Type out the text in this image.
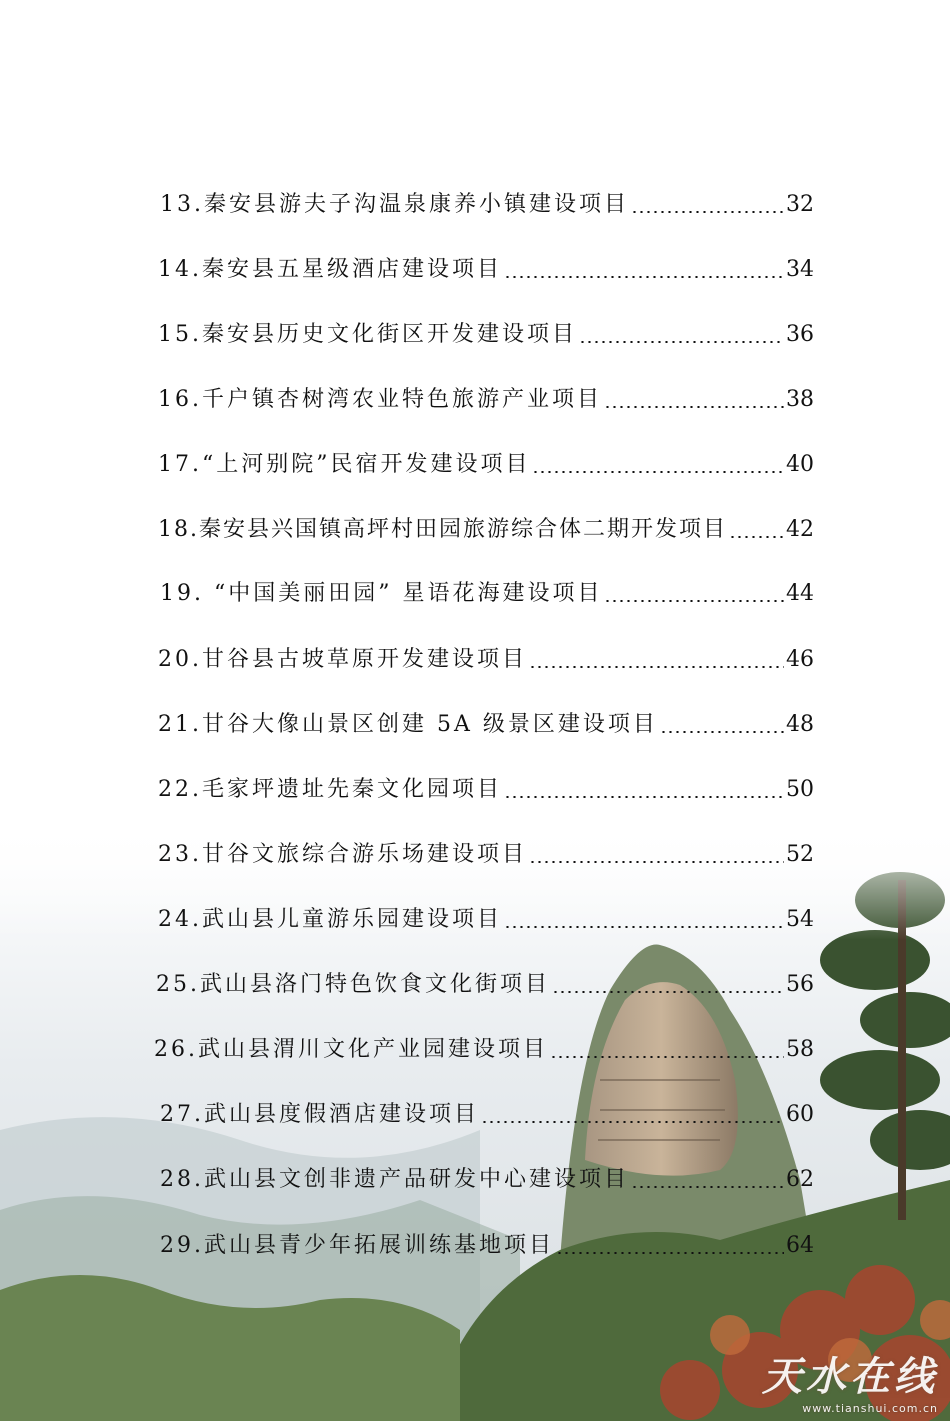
13.秦安县游夫子沟温泉康养小镇建设项目	32
14.秦安县五星级酒店建设项目	34
15.秦安县历史文化街区开发建设项目	36
16.千户镇杏树湾农业特色旅游产业项目	38
17.“上河别院”民宿开发建设项目	40
18.秦安县兴国镇高坪村田园旅游综合体二期开发项目	42
19. “中国美丽田园” 星语花海建设项目	44
20.甘谷县古坡草原开发建设项目	46
21.甘谷大像山景区创建 5A 级景区建设项目	48
22.毛家坪遗址先秦文化园项目	50
23.甘谷文旅综合游乐场建设项目	52
24.武山县儿童游乐园建设项目	54
25.武山县洛门特色饮食文化街项目	56
26.武山县渭川文化产业园建设项目	58
27.武山县度假酒店建设项目	60
28.武山县文创非遗产品研发中心建设项目	62
29.武山县青少年拓展训练基地项目	64
天水在线
www.tianshui.com.cn
